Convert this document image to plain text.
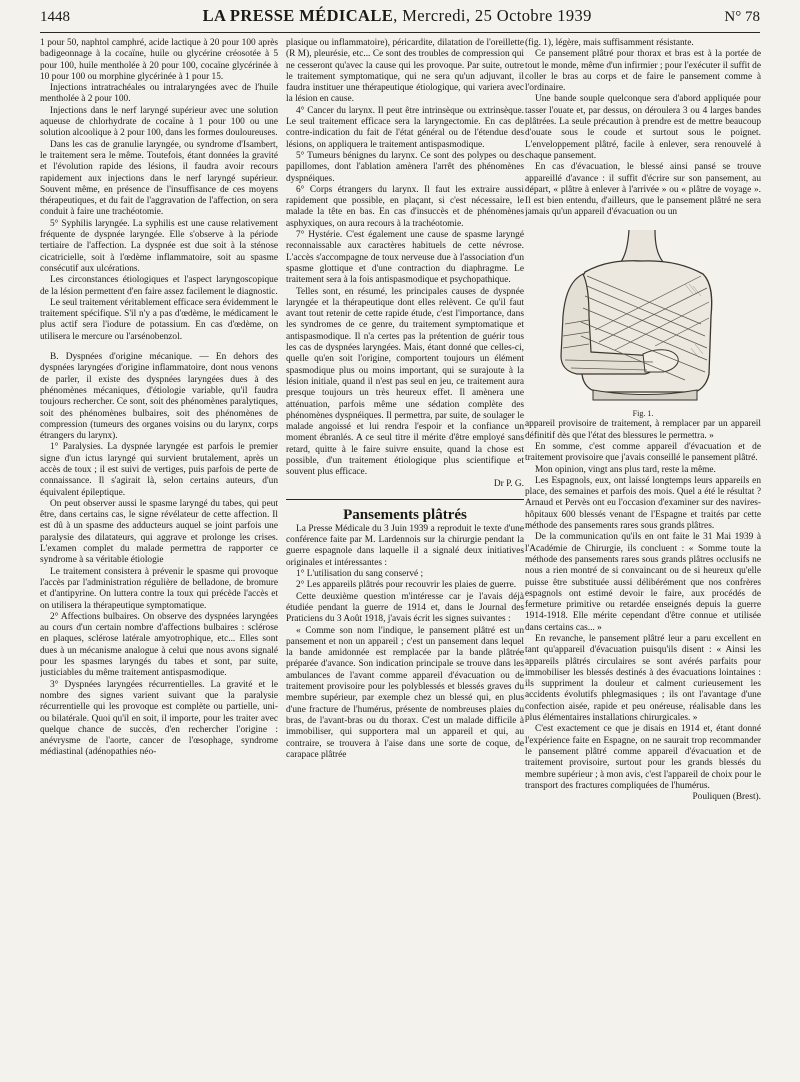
1448	LA PRESSE MÉDICALE, Mercredi, 25 Octobre 1939	N° 78

1 pour 50, naphtol camphré, acide lactique à 20 pour 100 après badigeonnage à la cocaïne, huile ou glycérine créosotée à 5 pour 100, huile mentholée à 20 pour 100, cocaïne glycérinée à 10 pour 100 ou morphine glycérinée à 1 pour 15.

Injections intratrachéales ou intralaryngées avec de l'huile mentholée à 2 pour 100.

Injections dans le nerf laryngé supérieur avec une solution aqueuse de chlorhydrate de cocaïne à 1 pour 100 ou une solution alcoolique à 2 pour 100, dans les formes douloureuses.

Dans les cas de granulie laryngée, ou syndrome d'Isambert, le traitement sera le même. Toutefois, étant données la gravité et l'évolution rapide des lésions, il faudra avoir recours rapidement aux injections dans le nerf laryngé supérieur. Souvent même, en présence de l'insuffisance de ces moyens thérapeutiques, et du fait de l'aggravation de l'affection, on sera conduit à faire une trachéotomie.

5° Syphilis laryngée. La syphilis est une cause relativement fréquente de dyspnée laryngée. Elle s'observe à la période tertiaire de l'affection. La dyspnée est due soit à la sténose cicatricielle, soit à l'œdème inflammatoire, soit au spasme consécutif aux ulcérations.

Les circonstances étiologiques et l'aspect laryngoscopique de la lésion permettent d'en faire assez facilement le diagnostic.

Le seul traitement véritablement efficace sera évidemment le traitement spécifique. S'il n'y a pas d'œdème, le médicament le plus actif sera l'iodure de potassium. En cas d'œdème, on utilisera le mercure ou l'arsénobenzol.

B. Dyspnées d'origine mécanique. — En dehors des dyspnées laryngées d'origine inflammatoire, dont nous venons de parler, il existe des dyspnées laryngées dues à des phénomènes mécaniques, d'étiologie variable, qu'il faudra toujours rechercher. Ce sont, soit des phénomènes paralytiques, soit des phénomènes bulbaires, soit des phénomènes de compression (tumeurs des organes voisins ou du larynx, corps étrangers du larynx).

1° Paralysies. La dyspnée laryngée est parfois le premier signe d'un ictus laryngé qui survient brutalement, après un accès de toux ; il est suivi de vertiges, puis parfois de perte de connaissance. Il s'agirait là, selon certains auteurs, d'un équivalent épileptique.

On peut observer aussi le spasme laryngé du tabes, qui peut être, dans certains cas, le signe révélateur de cette affection. Il est dû à un spasme des adducteurs auquel se joint parfois une paralysie des dilatateurs, qui aggrave et prolonge les crises. L'examen complet du malade permettra de rapporter ce syndrome à sa véritable étiologie

Le traitement consistera à prévenir le spasme qui provoque l'accès par l'administration régulière de belladone, de bromure et d'antipyrine. On luttera contre la toux qui précède l'accès et on utilisera la thérapeutique symptomatique.

2° Affections bulbaires. On observe des dyspnées laryngées au cours d'un certain nombre d'affections bulbaires : sclérose en plaques, sclérose latérale amyotrophique, etc... Elles sont dues à un mécanisme analogue à celui que nous avons signalé pour les spasmes laryngés du tabes et sont, par suite, justiciables du même traitement antispasmodique.

3° Dyspnées laryngées récurrentielles. La gravité et le nombre des signes varient suivant que la paralysie récurrentielle qui les provoque est complète ou partielle, uni- ou bilatérale. Quoi qu'il en soit, il importe, pour les traiter avec quelque chance de succès, d'en rechercher l'origine : anévrysme de l'aorte, cancer de l'œsophage, syndrome médiastinal (adénopathies néo-

plasique ou inflammatoire), péricardite, dilatation de l'oreillette (R M), pleurésie, etc... Ce sont des troubles de compression qui ne cesseront qu'avec la cause qui les provoque. Par suite, outre le traitement symptomatique, qui ne sera qu'un adjuvant, il faudra instituer une thérapeutique étiologique, qui variera avec la lésion en cause.

4° Cancer du larynx. Il peut être intrinsèque ou extrinsèque. Le seul traitement efficace sera la laryngectomie. En cas de contre-indication du fait de l'état général ou de l'étendue des lésions, on appliquera le traitement antispasmodique.

5° Tumeurs bénignes du larynx. Ce sont des polypes ou des papillomes, dont l'ablation amènera l'arrêt des phénomènes dyspnéiques.

6° Corps étrangers du larynx. Il faut les extraire aussi rapidement que possible, en plaçant, si c'est nécessaire, le malade la tête en bas. En cas d'insuccès et de phénomènes asphyxiques, on aura recours à la trachéotomie.

7° Hystérie. C'est également une cause de spasme laryngé reconnaissable aux caractères habituels de cette névrose. L'accès s'accompagne de toux nerveuse due à l'association d'un spasme glottique et d'une contraction du diaphragme. Le traitement sera à la fois antispasmodique et psychopathique.

Telles sont, en résumé, les principales causes de dyspnée laryngée et la thérapeutique dont elles relèvent. Ce qu'il faut avant tout retenir de cette rapide étude, c'est l'importance, dans les syndromes de ce genre, du traitement symptomatique et antispasmodique. Il n'a certes pas la prétention de guérir tous les cas de dyspnées laryngées. Mais, étant donné que celles-ci, quelle qu'en soit l'origine, comportent toujours un élément spasmodique plus ou moins important, qui se surajoute à la lésion initiale, quand il n'est pas seul en jeu, ce traitement aura presque toujours un très heureux effet. Il amènera une atténuation, parfois même une sédation complète des phénomènes dyspnéiques. Il permettra, par suite, de soulager le malade angoissé et lui rendra l'espoir et la confiance un moment ébranlés. A ce seul titre il mérite d'être employé sans retard, quitte à le faire suivre ensuite, quand la chose est possible, d'un traitement étiologique plus scientifique et souvent plus efficace.

Dr P. G.

Pansements plâtrés

La Presse Médicale du 3 Juin 1939 a reproduit le texte d'une conférence faite par M. Lardennois sur la chirurgie pendant la guerre espagnole dans laquelle il a signalé deux initiatives originales et intéressantes :

1° L'utilisation du sang conservé ;

2° Les appareils plâtrés pour recouvrir les plaies de guerre.

Cette deuxième question m'intéresse car je l'avais déjà étudiée pendant la guerre de 1914 et, dans le Journal des Praticiens du 3 Août 1918, j'avais écrit les signes suivantes :

« Comme son nom l'indique, le pansement plâtré est un pansement et non un appareil ; c'est un pansement dans lequel la bande amidonnée est remplacée par la bande plâtrée préparée d'avance. Son indication principale se trouve dans les ambulances de l'avant comme appareil d'évacuation ou de traitement provisoire pour les polyblessés et blessés graves du membre supérieur, par exemple chez un blessé qui, en plus d'une fracture de l'humérus, présente de nombreuses plaies du bras, de l'avant-bras ou du thorax. C'est un malade difficile à immobiliser, qui supportera mal un appareil et qui, au contraire, se trouvera à l'aise dans une sorte de coque, de carapace plâtrée

(fig. 1), légère, mais suffisamment résistante.

Ce pansement plâtré pour thorax et bras est à la portée de tout le monde, même d'un infirmier ; pour l'exécuter il suffit de coller le bras au corps et de faire le pansement comme à l'ordinaire.

Une bande souple quelconque sera d'abord appliquée pour tasser l'ouate et, par dessus, on déroulera 3 ou 4 larges bandes plâtrées. La seule précaution à prendre est de mettre beaucoup d'ouate sous le coude et surtout sous le poignet. L'enveloppement plâtré, facile à enlever, sera renouvelé à chaque pansement.

En cas d'évacuation, le blessé ainsi pansé se trouve appareillé d'avance : il suffit d'écrire sur son pansement, au départ, « plâtre à enlever à l'arrivée » ou « plâtre de voyage ». Il est bien entendu, d'ailleurs, que le pansement plâtré ne sera jamais qu'un appareil d'évacuation ou un

Fig. 1.

appareil provisoire de traitement, à remplacer par un appareil définitif dès que l'état des blessures le permettra. »

En somme, c'est comme appareil d'évacuation et de traitement provisoire que j'avais conseillé le pansement plâtré.

Mon opinion, vingt ans plus tard, reste la même.

Les Espagnols, eux, ont laissé longtemps leurs appareils en place, des semaines et parfois des mois. Quel a été le résultat ? Arnaud et Pervès ont eu l'occasion d'examiner sur des navires-hôpitaux 600 blessés venant de l'Espagne et traités par cette méthode des pansements rares sous grands plâtres.

De la communication qu'ils en ont faite le 31 Mai 1939 à l'Académie de Chirurgie, ils concluent : « Somme toute la méthode des pansements rares sous grands plâtres occlusifs ne nous a rien montré de si convaincant ou de si heureux qu'elle puisse être substituée aussi délibérément que nos confrères espagnols ont estimé devoir le faire, aux procédés de fermeture primitive ou retardée enseignés depuis la guerre 1914-1918. Elle mérite cependant d'être connue et utilisée dans certains cas... »

En revanche, le pansement plâtré leur a paru excellent en tant qu'appareil d'évacuation puisqu'ils disent : « Ainsi les appareils plâtrés circulaires se sont avérés parfaits pour immobiliser les blessés destinés à des évacuations lointaines : ils suppriment la douleur et calment curieusement les accidents évolutifs phlegmasiques ; ils ont l'avantage d'une confection aisée, rapide et peu onéreuse, réalisable dans les plus élémentaires installations chirurgicales. »

C'est exactement ce que je disais en 1914 et, étant donné l'expérience faite en Espagne, on ne saurait trop recommander le pansement plâtré comme appareil d'évacuation et de traitement provisoire, surtout pour les grands blessés du membre supérieur ; à mon avis, c'est l'appareil de choix pour le transport des fractures compliquées de l'humérus.

Pouliquen (Brest).
